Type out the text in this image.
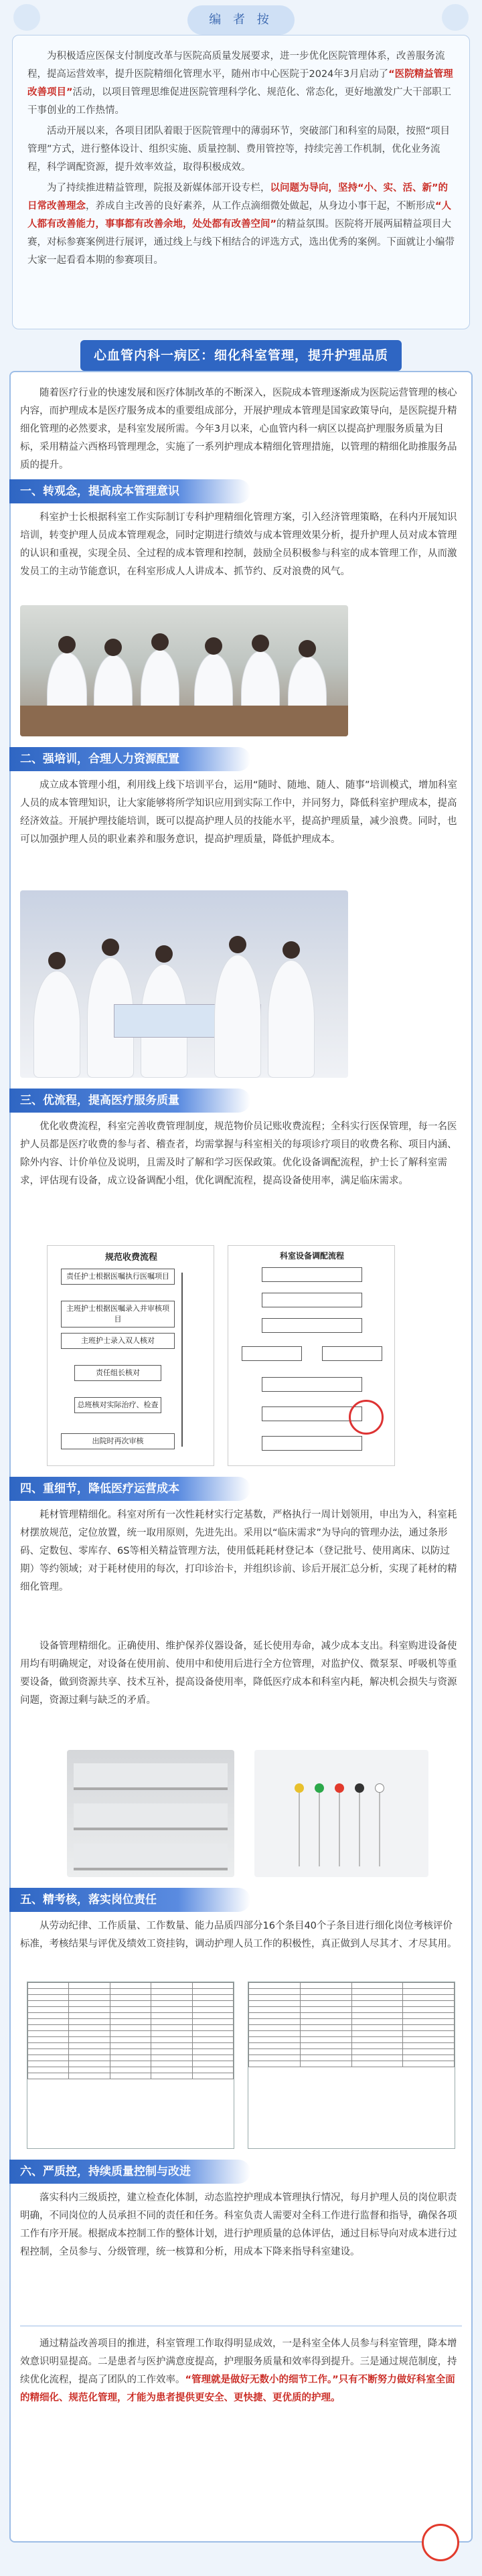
编 者 按

为积极适应医保支付制度改革与医院高质量发展要求，进一步优化医院管理体系，改善服务流程，提高运营效率，提升医院精细化管理水平，随州市中心医院于2024年3月启动了“医院精益管理改善项目”活动，以项目管理思维促进医院管理科学化、规范化、常态化，更好地激发广大干部职工干事创业的工作热情。

活动开展以来，各项目团队着眼于医院管理中的薄弱环节，突破部门和科室的局限，按照“项目管理”方式，进行整体设计、组织实施、质量控制、费用管控等，持续完善工作机制，优化业务流程，科学调配资源，提升效率效益，取得积极成效。

为了持续推进精益管理，院报及新媒体部开设专栏，以问题为导向，坚持“小、实、活、新”的日常改善理念，养成自主改善的良好素养，从工作点滴细微处做起，从身边小事干起，不断形成“人人都有改善能力，事事都有改善余地，处处都有改善空间”的精益氛围。医院将开展两届精益项目大赛，对标参赛案例进行展评，通过线上与线下相结合的评选方式，选出优秀的案例。下面就让小编带大家一起看看本期的参赛项目。

心血管内科一病区：细化科室管理，提升护理品质

随着医疗行业的快速发展和医疗体制改革的不断深入，医院成本管理逐渐成为医院运营管理的核心内容，而护理成本是医疗服务成本的重要组成部分，开展护理成本管理是国家政策导向，是医院提升精细化管理的必然要求，是科室发展所需。今年3月以来，心血管内科一病区以提高护理服务质量为目标，采用精益六西格玛管理理念，实施了一系列护理成本精细化管理措施，以管理的精细化助推服务品质的提升。

一、转观念，提高成本管理意识

科室护士长根据科室工作实际制订专科护理精细化管理方案，引入经济管理策略，在科内开展知识培训，转变护理人员成本管理观念，同时定期进行绩效与成本管理效果分析，提升护理人员对成本管理的认识和重视，实现全员、全过程的成本管理和控制，鼓励全员积极参与科室的成本管理工作，从而激发员工的主动节能意识，在科室形成人人讲成本、抓节约、反对浪费的风气。

二、强培训，合理人力资源配置

成立成本管理小组，利用线上线下培训平台，运用“随时、随地、随人、随事”培训模式，增加科室人员的成本管理知识，让大家能够将所学知识应用到实际工作中，并同努力，降低科室护理成本，提高经济效益。开展护理技能培训，既可以提高护理人员的技能水平，提高护理质量，减少浪费。同时，也可以加强护理人员的职业素养和服务意识，提高护理质量，降低护理成本。

三、优流程，提高医疗服务质量

优化收费流程，科室完善收费管理制度，规范物价员记账收费流程；全科实行医保管理，每一名医护人员都是医疗收费的参与者、稽查者，均需掌握与科室相关的每项诊疗项目的收费名称、项目内涵、除外内容、计价单位及说明，且需及时了解和学习医保政策。优化设备调配流程，护士长了解科室需求，评估现有设备，成立设备调配小组，优化调配流程，提高设备使用率，满足临床需求。

规范收费流程
责任护士根据医嘱执行医嘱项目
主班护士根据医嘱录入并审核项目
主班护士录入双人核对
责任组长核对
总班核对实际治疗、检查
出院时再次审核
科室设备调配流程
四、重细节，降低医疗运营成本

耗材管理精细化。科室对所有一次性耗材实行定基数，严格执行一周计划领用，申出为入，科室耗材摆放规范，定位放置，统一取用原则，先进先出。采用以“临床需求”为导向的管理办法，通过条形码、定数包、零库存、6S等相关精益管理方法，使用低耗耗材登记本（登记批号、使用离床、以防过期）等约领域；对于耗材使用的每次，打印诊治卡，并组织诊前、诊后开展汇总分析，实现了耗材的精细化管理。

设备管理精细化。正确使用、维护保养仪器设备，延长使用寿命，减少成本支出。科室购进设备使用均有明确规定，对设备在使用前、使用中和使用后进行全方位管理，对监护仪、微泵泵、呼吸机等重要设备，做到资源共享、技术互补，提高设备使用率，降低医疗成本和科室内耗，解决机会损失与资源问题，资源过剩与缺乏的矛盾。

五、精考核，落实岗位责任

从劳动纪律、工作质量、工作数量、能力品质四部分16个条目40个子条目进行细化岗位考核评价标准，考核结果与评优及绩效工资挂钩，调动护理人员工作的积极性，真正做到人尽其才、才尽其用。

六、严质控，持续质量控制与改进

落实科内三级质控，建立检查化体制，动态监控护理成本管理执行情况，每月护理人员的岗位职责明确，不同岗位的人员承担不同的责任和任务。科室负责人需要对全科工作进行监督和指导，确保各项工作有序开展。根据成本控制工作的整体计划，进行护理质量的总体评估，通过目标导向对成本进行过程控制，全员参与、分级管理，统一核算和分析，用成本下降来指导科室建设。

通过精益改善项目的推进，科室管理工作取得明显成效，一是科室全体人员参与科室管理，降本增效意识明显提高。二是患者与医护满意度提高，护理服务质量和效率得到提升。三是通过规范制度，持续优化流程，提高了团队的工作效率。“管理就是做好无数小的细节工作。”只有不断努力做好科室全面的精细化、规范化管理，才能为患者提供更安全、更快捷、更优质的护理。
